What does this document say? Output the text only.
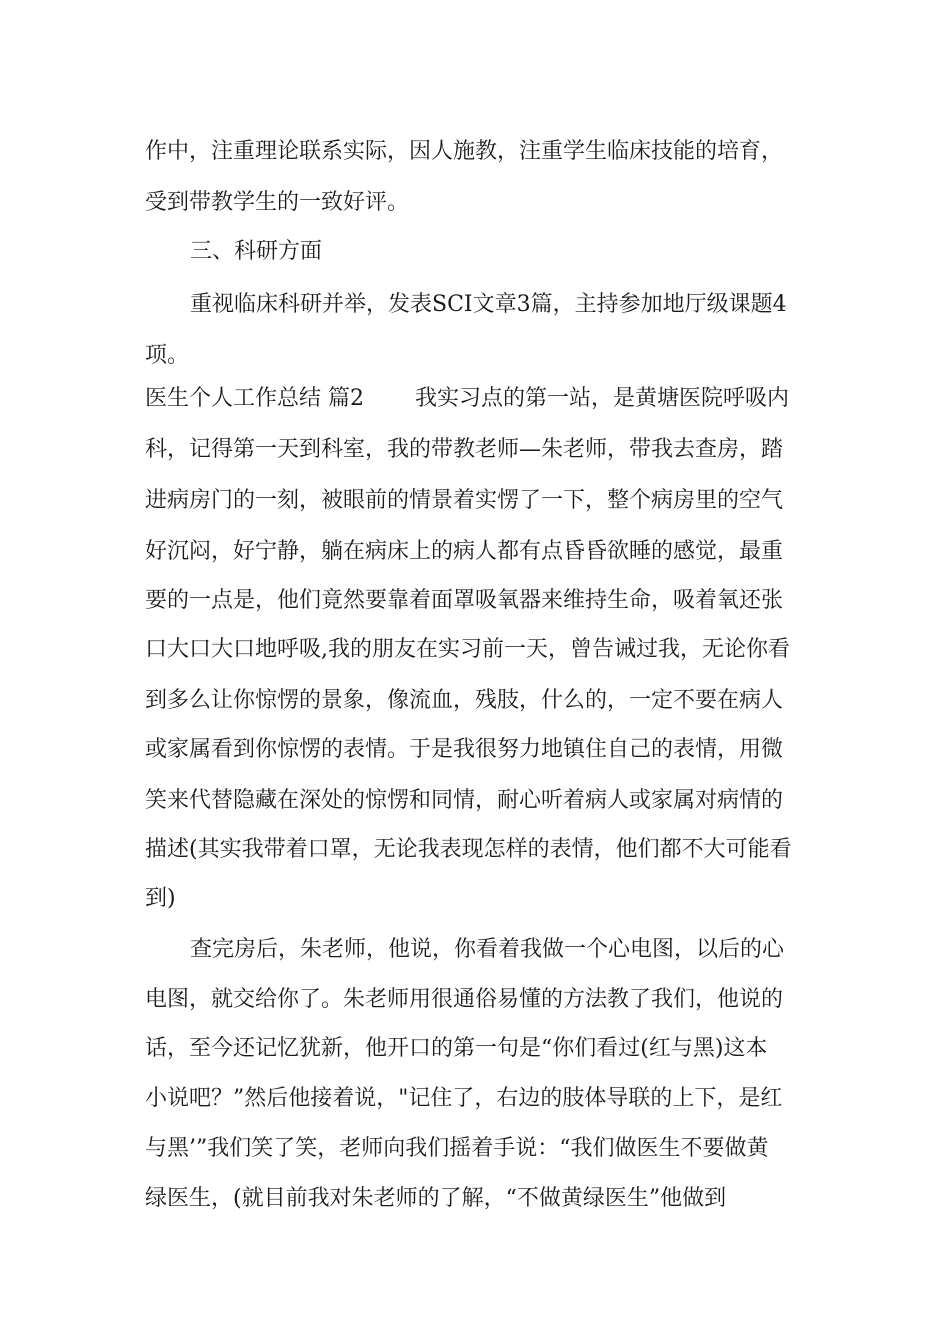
作中，注重理论联系实际，因人施教，注重学生临床技能的培育，
受到带教学生的一致好评。
三、科研方面
重视临床科研并举，发表SCI文章3篇，主持参加地厅级课题4
项。
医生个人工作总结 篇2　　 我实习点的第一站，是黄塘医院呼吸内
科，记得第一天到科室，我的带教老师—朱老师，带我去查房，踏
进病房门的一刻，被眼前的情景着实愣了一下，整个病房里的空气
好沉闷，好宁静，躺在病床上的病人都有点昏昏欲睡的感觉，最重
要的一点是，他们竟然要靠着面罩吸氧器来维持生命，吸着氧还张
口大口大口地呼吸,我的朋友在实习前一天，曾告诫过我，无论你看
到多么让你惊愣的景象，像流血，残肢，什么的，一定不要在病人
或家属看到你惊愣的表情。于是我很努力地镇住自己的表情，用微
笑来代替隐藏在深处的惊愣和同情，耐心听着病人或家属对病情的
描述(其实我带着口罩，无论我表现怎样的表情，他们都不大可能看
到)
查完房后，朱老师，他说，你看着我做一个心电图，以后的心
电图，就交给你了。朱老师用很通俗易懂的方法教了我们，他说的
话，至今还记忆犹新，他开口的第一句是“你们看过(红与黑)这本
小说吧？”然后他接着说，"记住了，右边的肢体导联的上下，是红
与黑’”我们笑了笑，老师向我们摇着手说：“我们做医生不要做黄
绿医生，(就目前我对朱老师的了解，“不做黄绿医生”他做到
